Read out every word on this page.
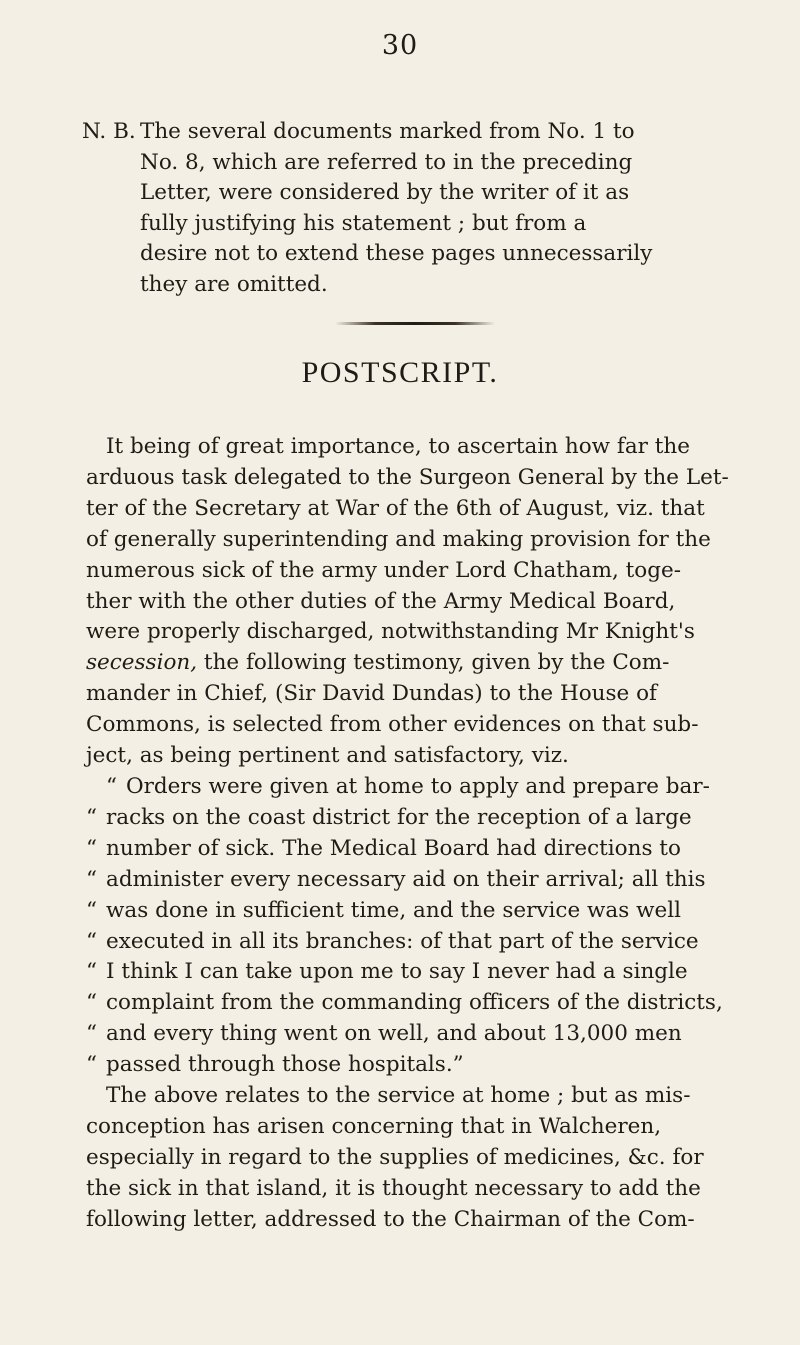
30
N. B. The several documents marked from No. 1 to
No. 8, which are referred to in the preceding
Letter, were considered by the writer of it as
fully justifying his statement ; but from a
desire not to extend these pages unnecessarily
they are omitted.
POSTSCRIPT.
It being of great importance, to ascertain how far the
arduous task delegated to the Surgeon General by the Let-
ter of the Secretary at War of the 6th of August, viz. that
of generally superintending and making provision for the
numerous sick of the army under Lord Chatham, toge-
ther with the other duties of the Army Medical Board,
were properly discharged, notwithstanding Mr Knight's
secession, the following testimony, given by the Com-
mander in Chief, (Sir David Dundas) to the House of
Commons, is selected from other evidences on that sub-
ject, as being pertinent and satisfactory, viz.
“ Orders were given at home to apply and prepare bar-
“ racks on the coast district for the reception of a large
“ number of sick. The Medical Board had directions to
“ administer every necessary aid on their arrival; all this
“ was done in sufficient time, and the service was well
“ executed in all its branches: of that part of the service
“ I think I can take upon me to say I never had a single
“ complaint from the commanding officers of the districts,
“ and every thing went on well, and about 13,000 men
“ passed through those hospitals.”
The above relates to the service at home ; but as mis-
conception has arisen concerning that in Walcheren,
especially in regard to the supplies of medicines, &c. for
the sick in that island, it is thought necessary to add the
following letter, addressed to the Chairman of the Com-
